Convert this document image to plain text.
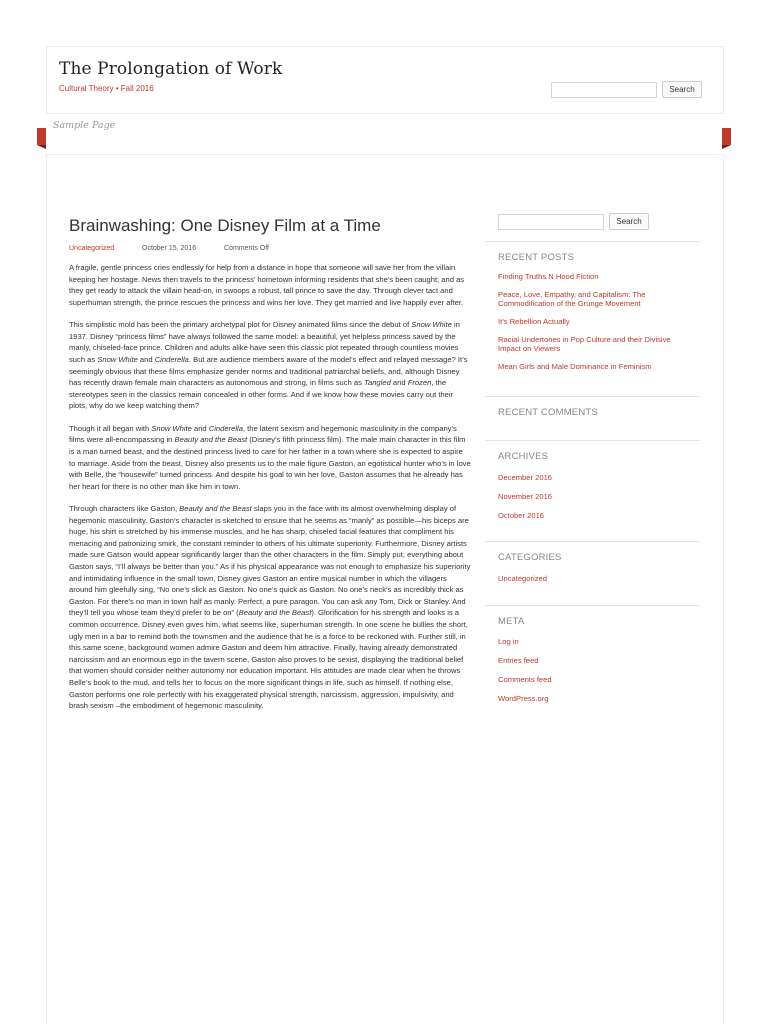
The Prolongation of Work
Cultural Theory • Fall 2016	Search
Sample Page
Brainwashing: One Disney Film at a Time
Uncategorized	October 15, 2016	Comments Off

A fragile, gentle princess cries endlessly for help from a distance in hope that someone will save her from the villain keeping her hostage. News then travels to the princess’ hometown informing residents that she’s been caught; and as they get ready to attack the villain head-on, in swoops a robust, tall prince to save the day. Through clever tact and superhuman strength, the prince rescues the princess and wins her love. They get married and live happily ever after.

This simplistic mold has been the primary archetypal plot for Disney animated films since the debut of Snow White in 1937. Disney “princess films” have always followed the same model: a beautiful, yet helpless princess saved by the manly, chiseled-face prince. Children and adults alike have seen this classic plot repeated through countless movies such as Snow White and Cinderella. But are audience members aware of the model’s effect and relayed message? It’s seemingly obvious that these films emphasize gender norms and traditional patriarchal beliefs, and, although Disney has recently drawn female main characters as autonomous and strong, in films such as Tangled and Frozen, the stereotypes seen in the classics remain concealed in other forms. And if we know how these movies carry out their plots, why do we keep watching them?

Though it all began with Snow White and Cinderella, the latent sexism and hegemonic masculinity in the company’s films were all-encompassing in Beauty and the Beast (Disney’s fifth princess film). The male main character in this film is a man turned beast, and the destined princess lived to care for her father in a town where she is expected to aspire to marriage. Aside from the beast, Disney also presents us to the male figure Gaston, an egotistical hunter who’s in love with Belle, the “housewife” turned princess. And despite his goal to win her love, Gaston assumes that he already has her heart for there is no other man like him in town.

Through characters like Gaston, Beauty and the Beast slaps you in the face with its almost overwhelming display of hegemonic masculinity. Gaston’s character is sketched to ensure that he seems as “manly” as possible—his biceps are huge, his shirt is stretched by his immense muscles, and he has sharp, chiseled facial features that compliment his menacing and patronizing smirk, the constant reminder to others of his ultimate superiority. Furthermore, Disney artists made sure Gatson would appear significantly larger than the other characters in the film. Simply put, everything about Gaston says, “I’ll always be better than you.” As if his physical appearance was not enough to emphasize his superiority and intimidating influence in the small town, Disney gives Gaston an entire musical number in which the villagers around him gleefully sing, “No one’s slick as Gaston. No one’s quick as Gaston. No one’s neck’s as incredibly thick as Gaston. For there’s no man in town half as manly. Perfect, a pure paragon. You can ask any Tom, Dick or Stanley. And they’ll tell you whose team they’d prefer to be on” (Beauty and the Beast). Glorification for his strength and looks is a common occurrence. Disney even gives him, what seems like, superhuman strength. In one scene he bullies the short, ugly men in a bar to remind both the townsmen and the audience that he is a force to be reckoned with. Further still, in this same scene, background women admire Gaston and deem him attractive. Finally, having already demonstrated narcissism and an enormous ego in the tavern scene, Gaston also proves to be sexist, displaying the traditional belief that women should consider neither autonomy nor education important. His attitudes are made clear when he throws Belle’s book to the mud, and tells her to focus on the more significant things in life, such as himself. If nothing else, Gaston performs one role perfectly with his exaggerated physical strength, narcissism, aggression, impulsivity, and brash sexism –the embodiment of hegemonic masculinity.

Search
RECENT POSTS
Finding Truths N Hood Fiction
Peace, Love, Empathy, and Capitalism: The Commodification of the Grunge Movement
It’s Rebellion Actually
Racial Undertones in Pop Culture and their Divisive Impact on Viewers
Mean Girls and Male Dominance in Feminism
RECENT COMMENTS
ARCHIVES
December 2016
November 2016
October 2016
CATEGORIES
Uncategorized
META
Log in
Entries feed
Comments feed
WordPress.org
